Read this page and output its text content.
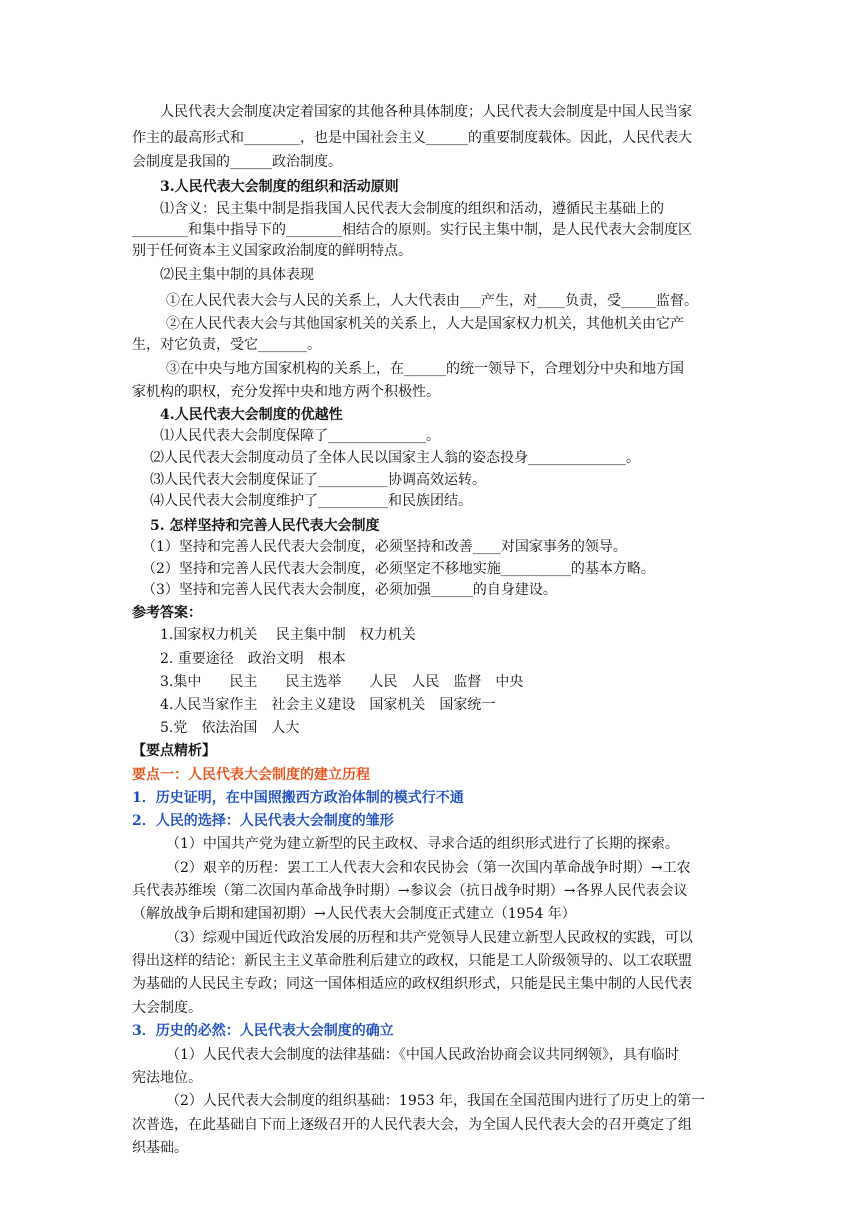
人民代表大会制度决定着国家的其他各种具体制度；人民代表大会制度是中国人民当家
作主的最高形式和________，也是中国社会主义______的重要制度载体。因此，人民代表大
会制度是我国的______政治制度。
3.人民代表大会制度的组织和活动原则
⑴含义：民主集中制是指我国人民代表大会制度的组织和活动，遵循民主基础上的
________和集中指导下的________相结合的原则。实行民主集中制，是人民代表大会制度区
别于任何资本主义国家政治制度的鲜明特点。
⑵民主集中制的具体表现
①在人民代表大会与人民的关系上，人大代表由___产生，对____负责，受_____监督。
②在人民代表大会与其他国家机关的关系上，人大是国家权力机关，其他机关由它产
生，对它负责，受它_______。
③在中央与地方国家机构的关系上，在______的统一领导下，合理划分中央和地方国
家机构的职权，充分发挥中央和地方两个积极性。
4.人民代表大会制度的优越性
⑴人民代表大会制度保障了______________。
⑵人民代表大会制度动员了全体人民以国家主人翁的姿态投身______________。
⑶人民代表大会制度保证了__________协调高效运转。
⑷人民代表大会制度维护了__________和民族团结。
5. 怎样坚持和完善人民代表大会制度
（1）坚持和完善人民代表大会制度，必须坚持和改善____对国家事务的领导。
（2）坚持和完善人民代表大会制度，必须坚定不移地实施__________的基本方略。
（3）坚持和完善人民代表大会制度，必须加强______的自身建设。
参考答案：
1.国家权力机关　 民主集中制　权力机关
2. 重要途径　政治文明　根本
3.集中　　民主　　民主选举　　人民　人民　监督　中央
4.人民当家作主　社会主义建设　国家机关　国家统一
5.党　依法治国　人大
【要点精析】
要点一：人民代表大会制度的建立历程
1．历史证明，在中国照搬西方政治体制的模式行不通
2．人民的选择：人民代表大会制度的雏形
（1）中国共产党为建立新型的民主政权、寻求合适的组织形式进行了长期的探索。
（2）艰辛的历程：罢工工人代表大会和农民协会（第一次国内革命战争时期）→工农
兵代表苏维埃（第二次国内革命战争时期）→参议会（抗日战争时期）→各界人民代表会议
（解放战争后期和建国初期）→人民代表大会制度正式建立（1954 年）
（3）综观中国近代政治发展的历程和共产党领导人民建立新型人民政权的实践，可以
得出这样的结论：新民主主义革命胜利后建立的政权，只能是工人阶级领导的、以工农联盟
为基础的人民民主专政；同这一国体相适应的政权组织形式，只能是民主集中制的人民代表
大会制度。
3．历史的必然：人民代表大会制度的确立
（1）人民代表大会制度的法律基础：《中国人民政治协商会议共同纲领》，具有临时
宪法地位。
（2）人民代表大会制度的组织基础：1953 年，我国在全国范围内进行了历史上的第一
次普选，在此基础自下而上逐级召开的人民代表大会，为全国人民代表大会的召开奠定了组
织基础。
